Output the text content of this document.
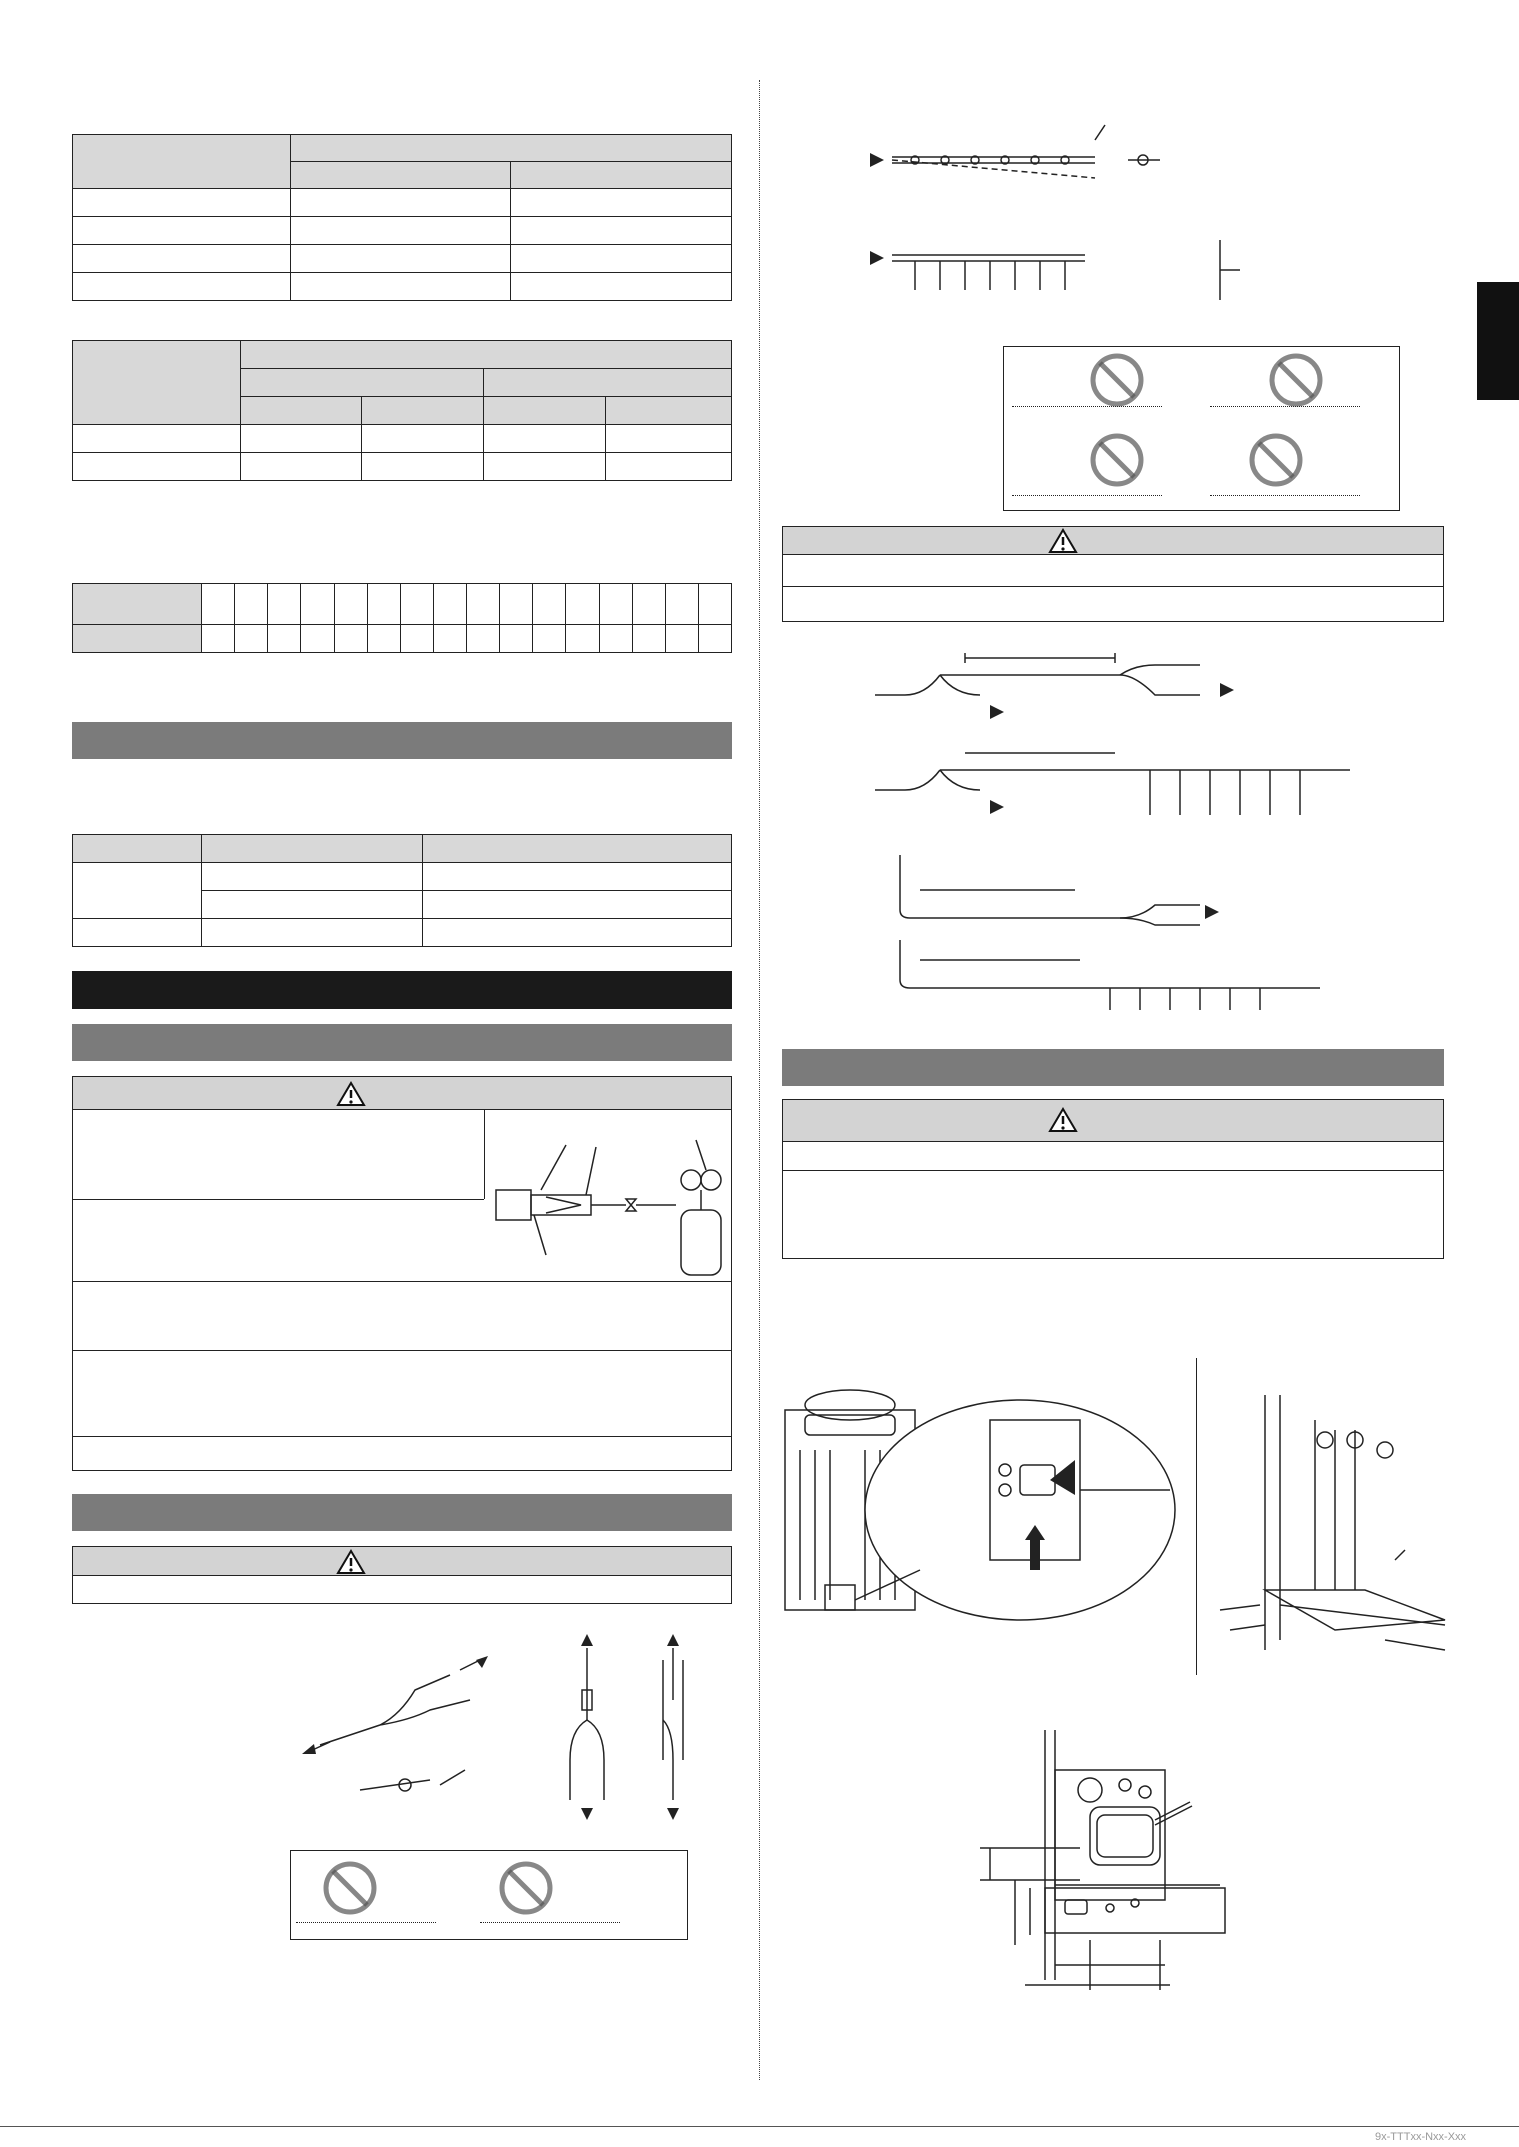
9x-TTTxx-Nxx-Xxx
